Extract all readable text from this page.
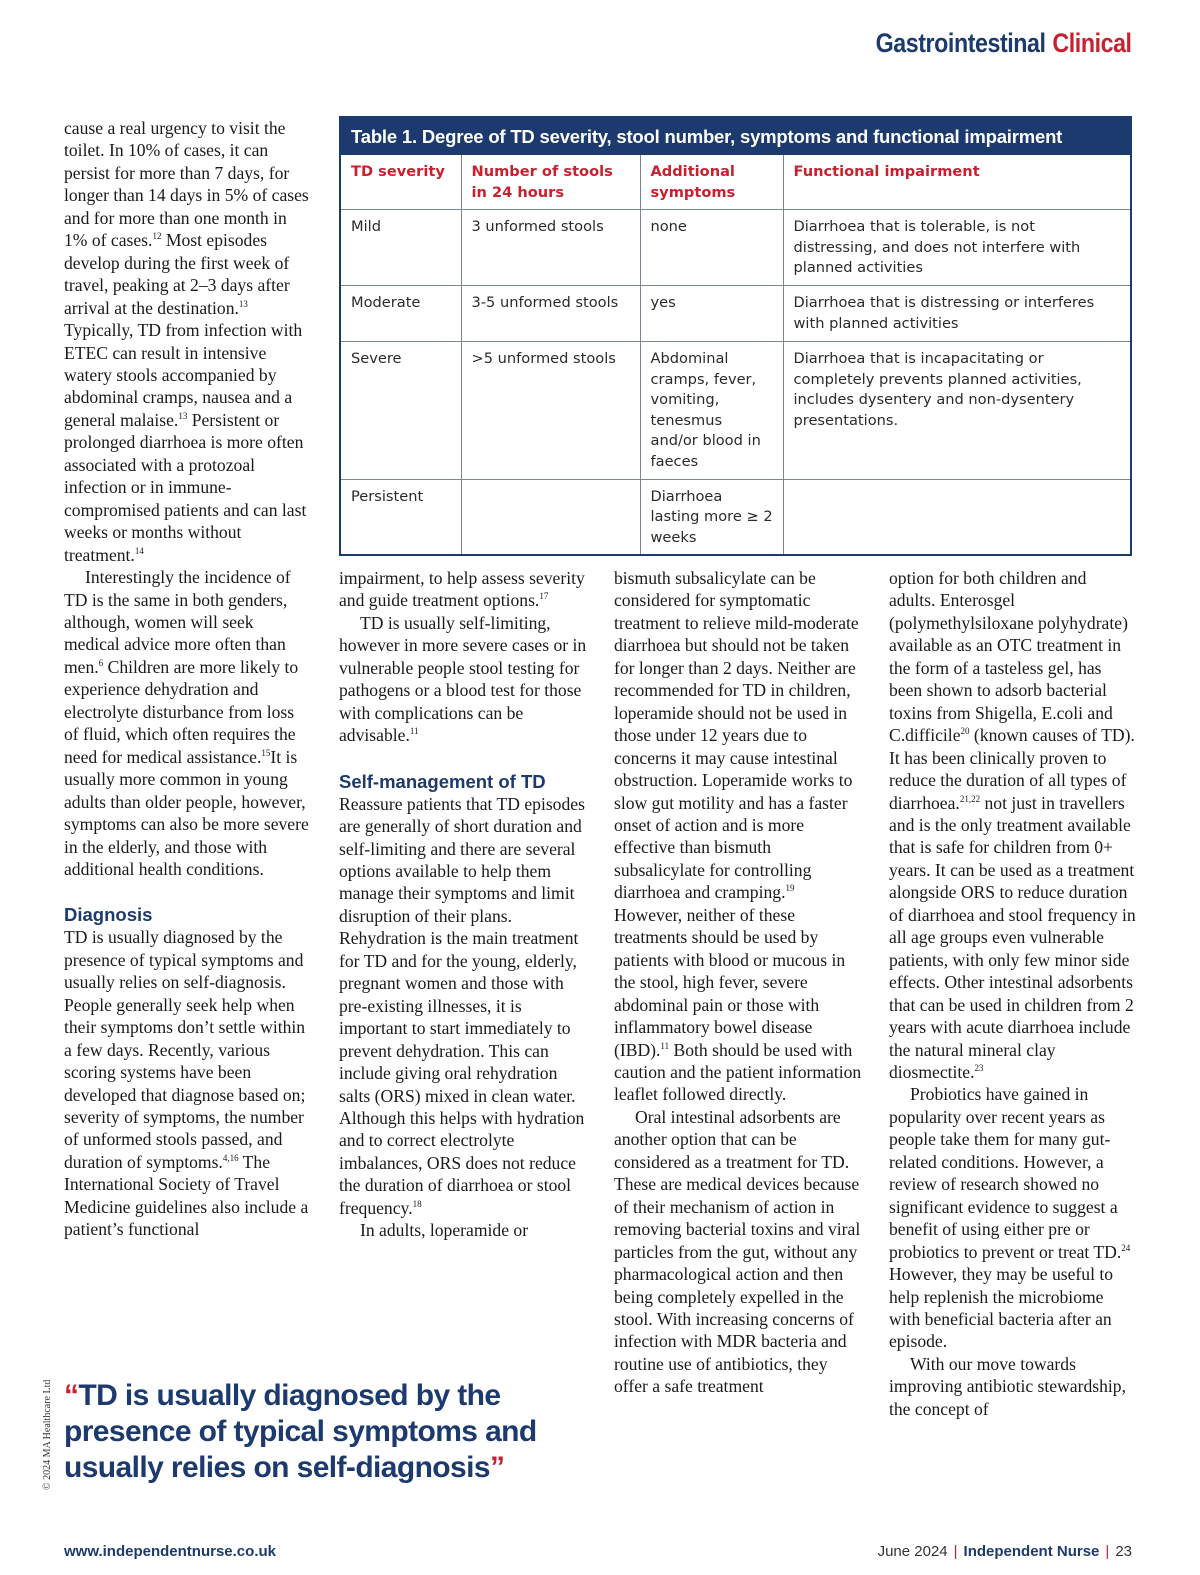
Gastrointestinal Clinical

cause a real urgency to visit the toilet. In 10% of cases, it can persist for more than 7 days, for longer than 14 days in 5% of cases and for more than one month in 1% of cases.$^{12}$ Most episodes develop during the first week of travel, peaking at 2–3 days after arrival at the destination.$^{13}$ Typically, TD from infection with ETEC can result in intensive watery stools accompanied by abdominal cramps, nausea and a general malaise.$^{13}$ Persistent or prolonged diarrhoea is more often associated with a protozoal infection or in immune-compromised patients and can last weeks or months without treatment.$^{14}$

Interestingly the incidence of TD is the same in both genders, although, women will seek medical advice more often than men.$^6$ Children are more likely to experience dehydration and electrolyte disturbance from loss of fluid, which often requires the need for medical assistance.$^{15}$It is usually more common in young adults than older people, however, symptoms can also be more severe in the elderly, and those with additional health conditions.

Diagnosis

TD is usually diagnosed by the presence of typical symptoms and usually relies on self-diagnosis. People generally seek help when their symptoms don’t settle within a few days. Recently, various scoring systems have been developed that diagnose based on; severity of symptoms, the number of unformed stools passed, and duration of symptoms.$^{4,16}$ The International Society of Travel Medicine guidelines also include a patient’s functional

Table 1. Degree of TD severity, stool number, symptoms and functional impairment
TD severity	Number of stools in 24 hours	Additional symptoms	Functional impairment
Mild	3 unformed stools	none	Diarrhoea that is tolerable, is not distressing, and does not interfere with planned activities
Moderate	3-5 unformed stools	yes	Diarrhoea that is distressing or interferes with planned activities
Severe	>5 unformed stools	Abdominal cramps, fever, vomiting, tenesmus and/or blood in faeces	Diarrhoea that is incapacitating or completely prevents planned activities, includes dysentery and non-dysentery presentations.
Persistent		Diarrhoea lasting more ≥ 2 weeks	

impairment, to help assess severity and guide treatment options.$^{17}$

TD is usually self-limiting, however in more severe cases or in vulnerable people stool testing for pathogens or a blood test for those with complications can be advisable.$^{11}$

Self-management of TD

Reassure patients that TD episodes are generally of short duration and self-limiting and there are several options available to help them manage their symptoms and limit disruption of their plans. Rehydration is the main treatment for TD and for the young, elderly, pregnant women and those with pre-existing illnesses, it is important to start immediately to prevent dehydration. This can include giving oral rehydration salts (ORS) mixed in clean water. Although this helps with hydration and to correct electrolyte imbalances, ORS does not reduce the duration of diarrhoea or stool frequency.$^{18}$

In adults, loperamide or

bismuth subsalicylate can be considered for symptomatic treatment to relieve mild-moderate diarrhoea but should not be taken for longer than 2 days. Neither are recommended for TD in children, loperamide should not be used in those under 12 years due to concerns it may cause intestinal obstruction. Loperamide works to slow gut motility and has a faster onset of action and is more effective than bismuth subsalicylate for controlling diarrhoea and cramping.$^{19}$ However, neither of these treatments should be used by patients with blood or mucous in the stool, high fever, severe abdominal pain or those with inflammatory bowel disease (IBD).$^{11}$ Both should be used with caution and the patient information leaflet followed directly.

Oral intestinal adsorbents are another option that can be considered as a treatment for TD. These are medical devices because of their mechanism of action in removing bacterial toxins and viral particles from the gut, without any pharmacological action and then being completely expelled in the stool. With increasing concerns of infection with MDR bacteria and routine use of antibiotics, they offer a safe treatment

option for both children and adults. Enterosgel (polymethylsiloxane polyhydrate) available as an OTC treatment in the form of a tasteless gel, has been shown to adsorb bacterial toxins from Shigella, E.coli and C.difficile$^{20}$ (known causes of TD). It has been clinically proven to reduce the duration of all types of diarrhoea.$^{21,22}$ not just in travellers and is the only treatment available that is safe for children from 0+ years. It can be used as a treatment alongside ORS to reduce duration of diarrhoea and stool frequency in all age groups even vulnerable patients, with only few minor side effects. Other intestinal adsorbents that can be used in children from 2 years with acute diarrhoea include the natural mineral clay diosmectite.$^{23}$

Probiotics have gained in popularity over recent years as people take them for many gut-related conditions. However, a review of research showed no significant evidence to suggest a benefit of using either pre or probiotics to prevent or treat TD.$^{24}$ However, they may be useful to help replenish the microbiome with beneficial bacteria after an episode.

With our move towards improving antibiotic stewardship, the concept of

“TD is usually diagnosed by the presence of typical symptoms and usually relies on self-diagnosis”
© 2024 MA Healthcare Ltd
www.independentnurse.co.uk	June 2024 | Independent Nurse | 23
